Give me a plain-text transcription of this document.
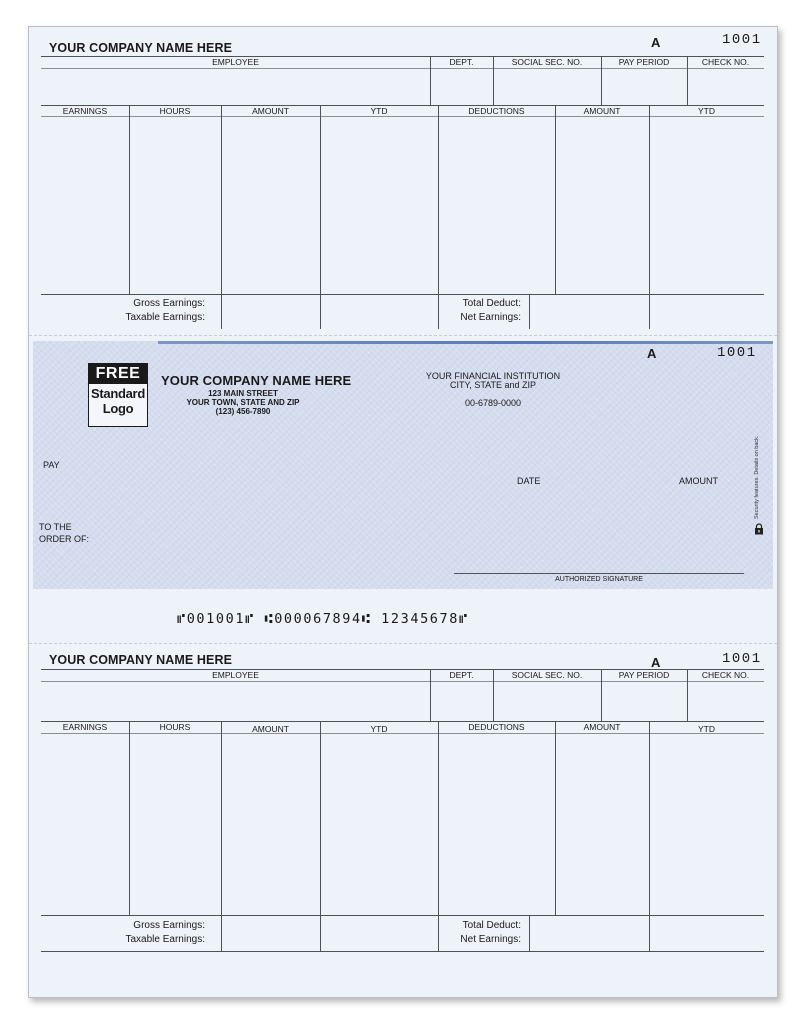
YOUR COMPANY NAME HERE	A	1001
EMPLOYEE	DEPT.	SOCIAL SEC. NO.	PAY PERIOD	CHECK NO.
EARNINGS	HOURS	AMOUNT	YTD	DEDUCTIONS	AMOUNT	YTD
Gross Earnings:
Taxable Earnings:
Total Deduct:
Net Earnings:
FREE
Standard
Logo
YOUR COMPANY NAME HERE
123 MAIN STREET
YOUR TOWN, STATE AND ZIP
(123) 456-7890
YOUR FINANCIAL INSTITUTION
CITY, STATE and ZIP
00-6789-0000
A	1001
PAY
DATE	AMOUNT
TO THE
ORDER OF:
AUTHORIZED SIGNATURE
Security features. Details on back.
⑈001001⑈ ⑆000067894⑆ 12345678⑈
YOUR COMPANY NAME HERE	A	1001
EMPLOYEE	DEPT.	SOCIAL SEC. NO.	PAY PERIOD	CHECK NO.
EARNINGS	HOURS	AMOUNT	YTD	DEDUCTIONS	AMOUNT	YTD
Gross Earnings:
Taxable Earnings:
Total Deduct:
Net Earnings:
